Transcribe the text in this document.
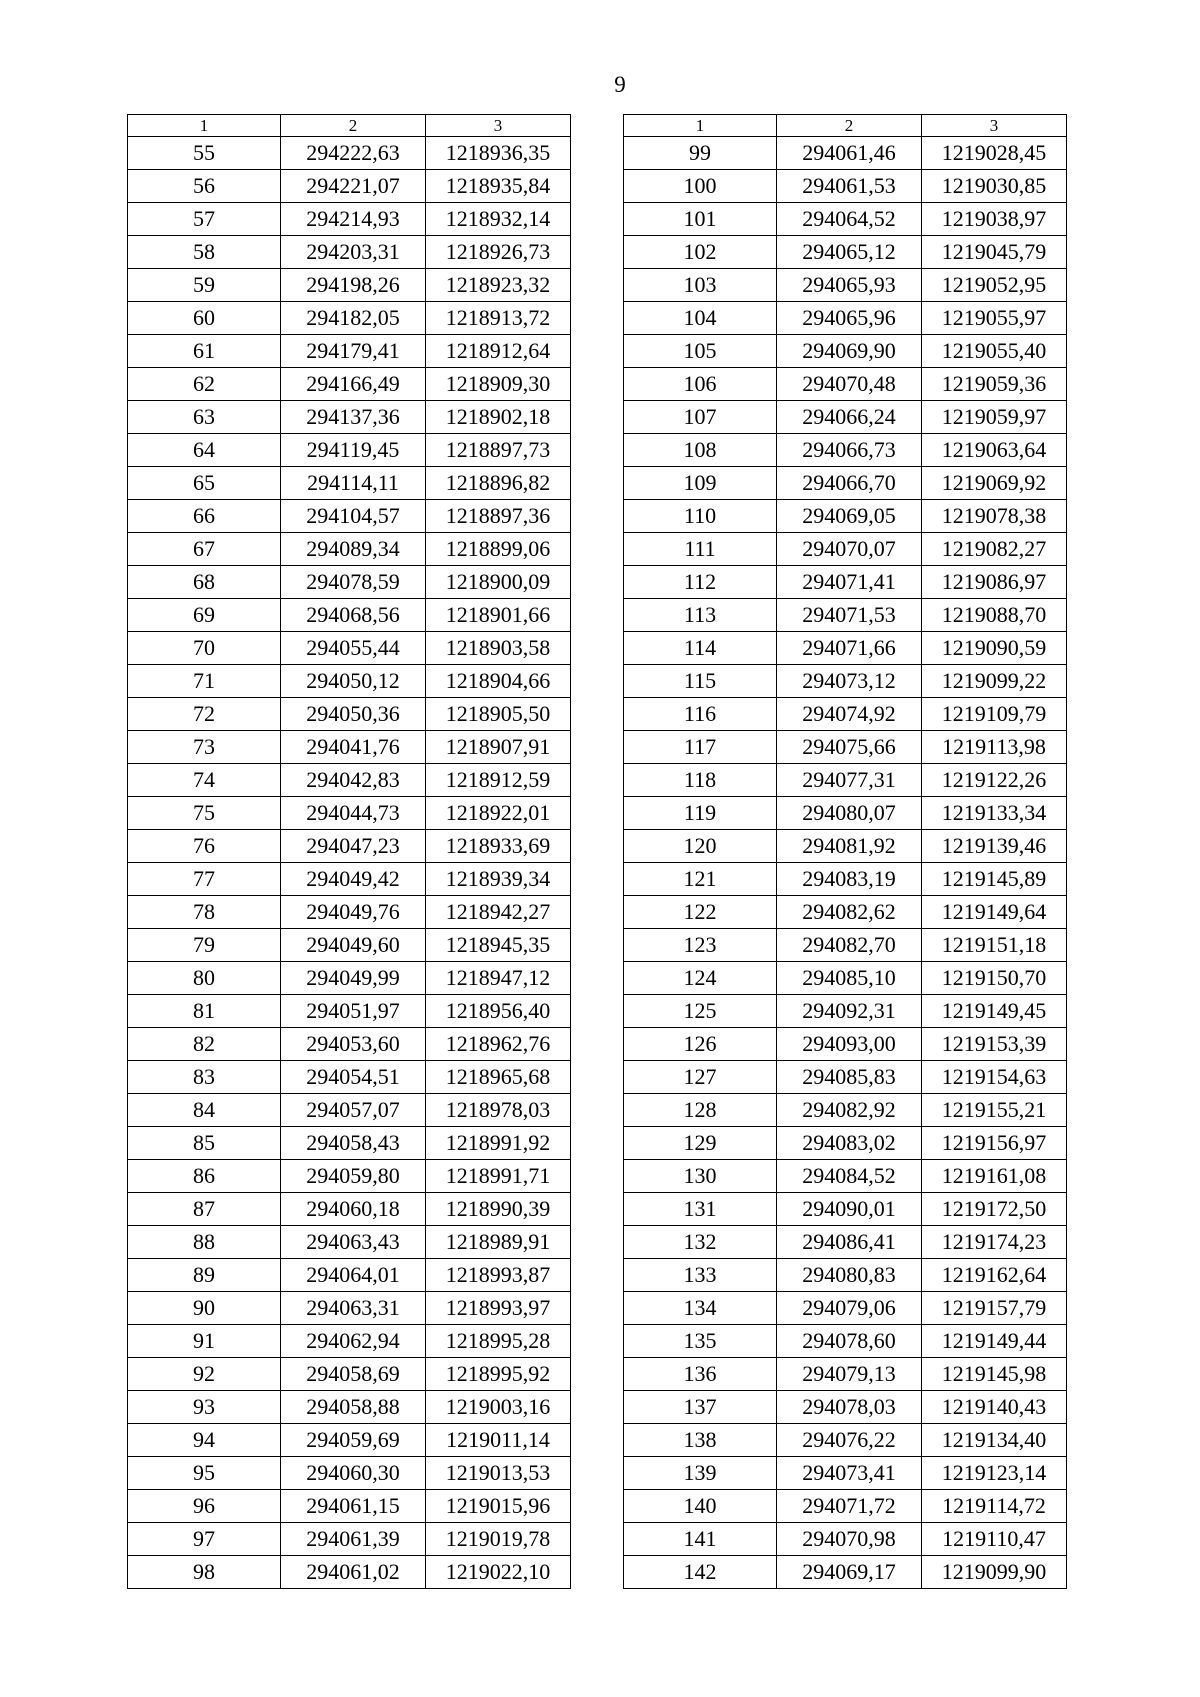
9
1	2	3
55	294222,63	1218936,35
56	294221,07	1218935,84
57	294214,93	1218932,14
58	294203,31	1218926,73
59	294198,26	1218923,32
60	294182,05	1218913,72
61	294179,41	1218912,64
62	294166,49	1218909,30
63	294137,36	1218902,18
64	294119,45	1218897,73
65	294114,11	1218896,82
66	294104,57	1218897,36
67	294089,34	1218899,06
68	294078,59	1218900,09
69	294068,56	1218901,66
70	294055,44	1218903,58
71	294050,12	1218904,66
72	294050,36	1218905,50
73	294041,76	1218907,91
74	294042,83	1218912,59
75	294044,73	1218922,01
76	294047,23	1218933,69
77	294049,42	1218939,34
78	294049,76	1218942,27
79	294049,60	1218945,35
80	294049,99	1218947,12
81	294051,97	1218956,40
82	294053,60	1218962,76
83	294054,51	1218965,68
84	294057,07	1218978,03
85	294058,43	1218991,92
86	294059,80	1218991,71
87	294060,18	1218990,39
88	294063,43	1218989,91
89	294064,01	1218993,87
90	294063,31	1218993,97
91	294062,94	1218995,28
92	294058,69	1218995,92
93	294058,88	1219003,16
94	294059,69	1219011,14
95	294060,30	1219013,53
96	294061,15	1219015,96
97	294061,39	1219019,78
98	294061,02	1219022,10
1	2	3
99	294061,46	1219028,45
100	294061,53	1219030,85
101	294064,52	1219038,97
102	294065,12	1219045,79
103	294065,93	1219052,95
104	294065,96	1219055,97
105	294069,90	1219055,40
106	294070,48	1219059,36
107	294066,24	1219059,97
108	294066,73	1219063,64
109	294066,70	1219069,92
110	294069,05	1219078,38
111	294070,07	1219082,27
112	294071,41	1219086,97
113	294071,53	1219088,70
114	294071,66	1219090,59
115	294073,12	1219099,22
116	294074,92	1219109,79
117	294075,66	1219113,98
118	294077,31	1219122,26
119	294080,07	1219133,34
120	294081,92	1219139,46
121	294083,19	1219145,89
122	294082,62	1219149,64
123	294082,70	1219151,18
124	294085,10	1219150,70
125	294092,31	1219149,45
126	294093,00	1219153,39
127	294085,83	1219154,63
128	294082,92	1219155,21
129	294083,02	1219156,97
130	294084,52	1219161,08
131	294090,01	1219172,50
132	294086,41	1219174,23
133	294080,83	1219162,64
134	294079,06	1219157,79
135	294078,60	1219149,44
136	294079,13	1219145,98
137	294078,03	1219140,43
138	294076,22	1219134,40
139	294073,41	1219123,14
140	294071,72	1219114,72
141	294070,98	1219110,47
142	294069,17	1219099,90
